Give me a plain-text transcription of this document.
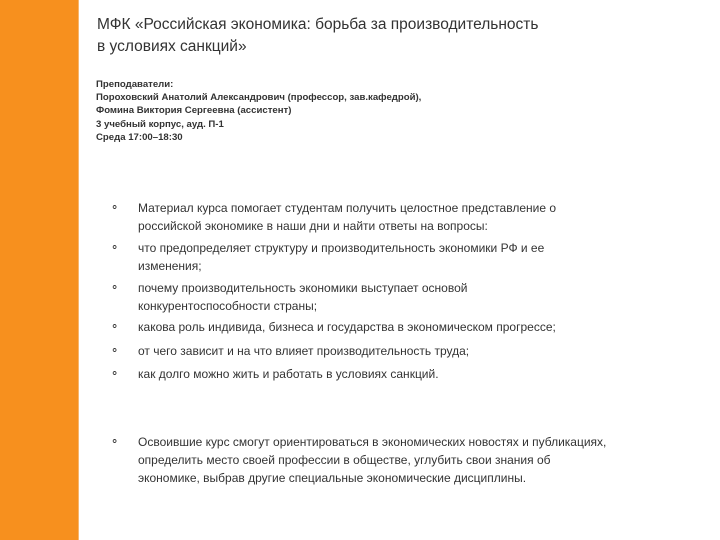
МФК «Российская экономика: борьба за производительность
в условиях санкций»
Преподаватели:
Пороховский Анатолий Александрович (профессор, зав.кафедрой),
Фомина Виктория Сергеевна (ассистент)
3 учебный корпус, ауд. П-1
Среда 17:00–18:30
⚬ Материал курса помогает студентам получить целостное представление о
российской экономике в наши дни и найти ответы на вопросы:
⚬ что предопределяет структуру и производительность экономики РФ и ее
изменения;
⚬ почему производительность экономики выступает основой
конкурентоспособности страны;
⚬ какова роль индивида, бизнеса и государства в экономическом прогрессе;
⚬ от чего зависит и на что влияет производительность труда;
⚬ как долго можно жить и работать в условиях санкций.
⚬ Освоившие курс смогут ориентироваться в экономических новостях и публикациях,
определить место своей профессии в обществе, углубить свои знания об
экономике, выбрав другие специальные экономические дисциплины.
